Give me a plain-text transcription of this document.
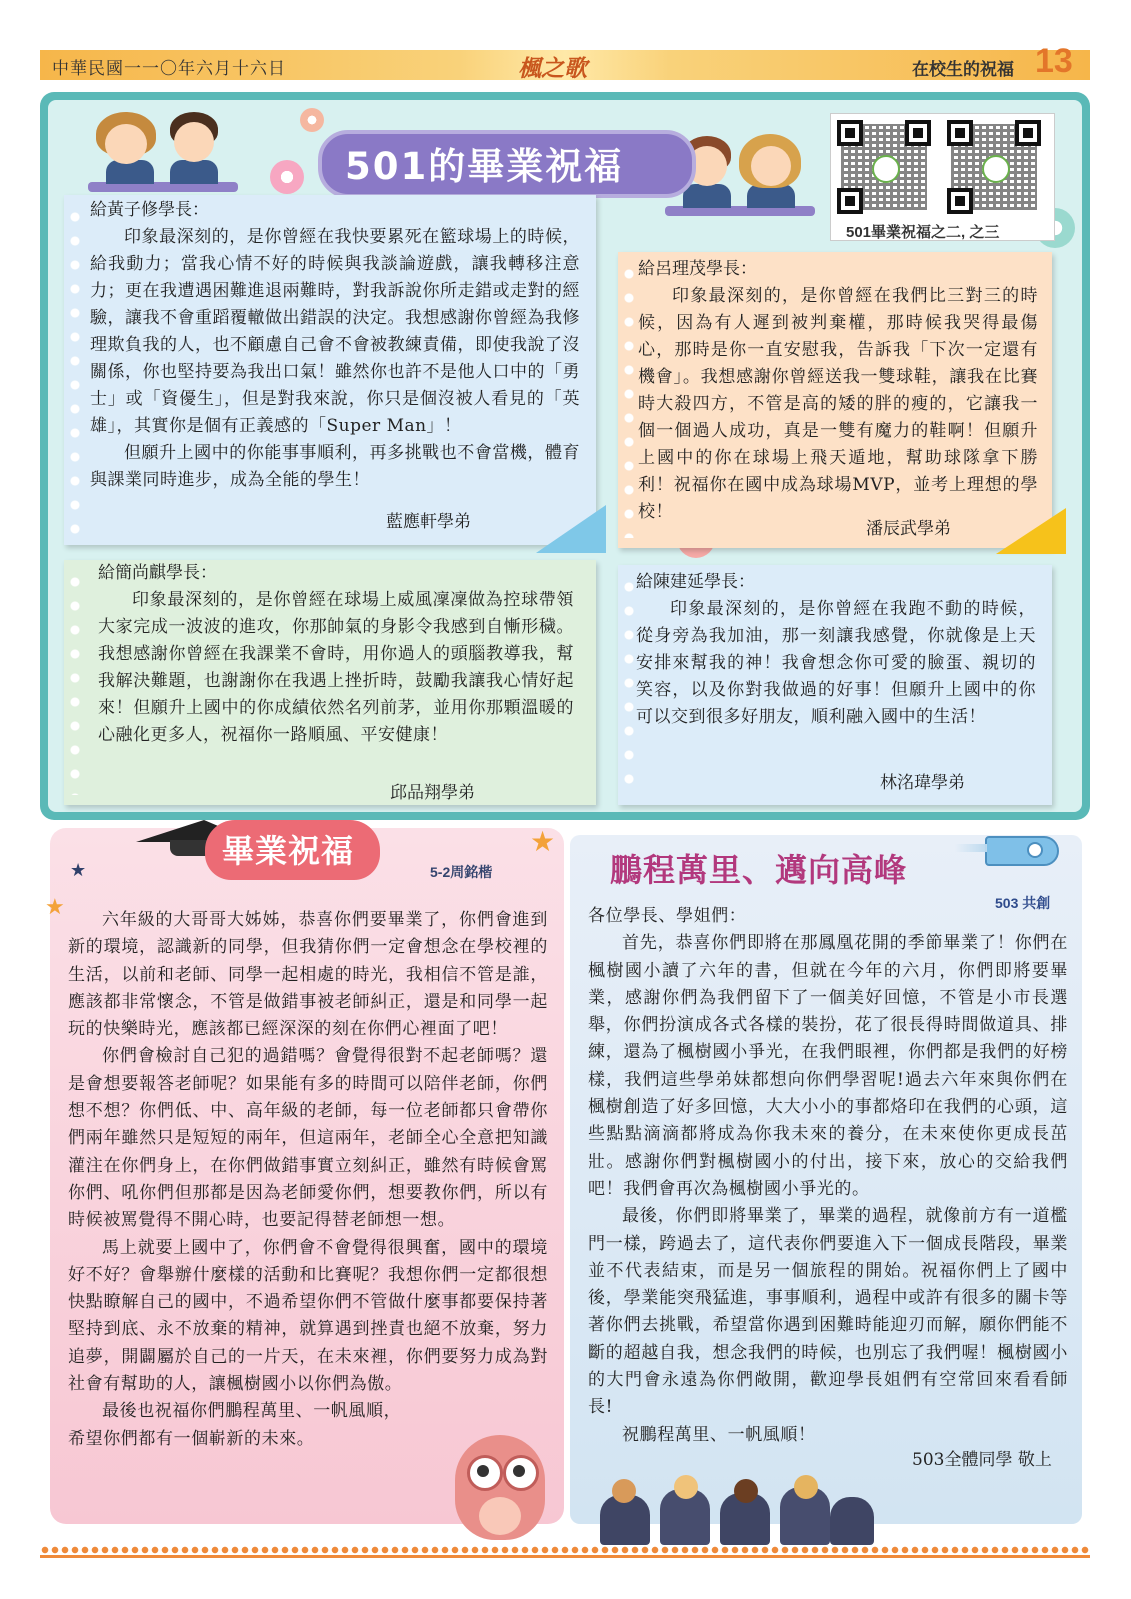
中華民國一一〇年六月十六日	楓之歌	在校生的祝福 13
501的畢業祝福
501畢業祝福之二, 之三
給黃子修學長：

印象最深刻的，是你曾經在我快要累死在籃球場上的時候，給我動力；當我心情不好的時候與我談論遊戲，讓我轉移注意力；更在我遭遇困難進退兩難時，對我訴說你所走錯或走對的經驗，讓我不會重蹈覆轍做出錯誤的決定。我想感謝你曾經為我修理欺負我的人，也不顧慮自己會不會被教練責備，即使我說了沒關係，你也堅持要為我出口氣！雖然你也許不是他人口中的「勇士」或「資優生」，但是對我來說，你只是個沒被人看見的「英雄」，其實你是個有正義感的「Super Man」！

但願升上國中的你能事事順利，再多挑戰也不會當機，體育與課業同時進步，成為全能的學生！

藍應軒學弟
給呂理茂學長：

印象最深刻的，是你曾經在我們比三對三的時候，因為有人遲到被判棄權，那時候我哭得最傷心，那時是你一直安慰我，告訴我「下次一定還有機會」。我想感謝你曾經送我一雙球鞋，讓我在比賽時大殺四方，不管是高的矮的胖的瘦的，它讓我一個一個過人成功，真是一雙有魔力的鞋啊！但願升上國中的你在球場上飛天遁地，幫助球隊拿下勝利！祝福你在國中成為球場MVP，並考上理想的學校！

潘辰武學弟
給簡尚麒學長：

印象最深刻的，是你曾經在球場上威風凜凜做為控球帶領大家完成一波波的進攻，你那帥氣的身影令我感到自慚形穢。我想感謝你曾經在我課業不會時，用你過人的頭腦教導我，幫我解決難題，也謝謝你在我遇上挫折時，鼓勵我讓我心情好起來！但願升上國中的你成績依然名列前茅，並用你那顆溫暖的心融化更多人，祝福你一路順風、平安健康！

邱品翔學弟
給陳建延學長：

印象最深刻的，是你曾經在我跑不動的時候，從身旁為我加油，那一刻讓我感覺，你就像是上天安排來幫我的神！我會想念你可愛的臉蛋、親切的笑容，以及你對我做過的好事！但願升上國中的你可以交到很多好朋友，順利融入國中的生活！

林洺瑋學弟
畢業祝福
5-2周銘楷
★
★
★	六年級的大哥哥大姊姊，恭喜你們要畢業了，你們會進到新的環境，認識新的同學，但我猜你們一定會想念在學校裡的生活，以前和老師、同學一起相處的時光，我相信不管是誰，應該都非常懷念，不管是做錯事被老師糾正，還是和同學一起玩的快樂時光，應該都已經深深的刻在你們心裡面了吧！

你們會檢討自己犯的過錯嗎？會覺得很對不起老師嗎？還是會想要報答老師呢？如果能有多的時間可以陪伴老師，你們想不想？你們低、中、高年級的老師，每一位老師都只會帶你們兩年雖然只是短短的兩年，但這兩年，老師全心全意把知識灌注在你們身上，在你們做錯事實立刻糾正，雖然有時候會罵你們、吼你們但那都是因為老師愛你們，想要教你們，所以有時候被罵覺得不開心時，也要記得替老師想一想。

馬上就要上國中了，你們會不會覺得很興奮，國中的環境好不好？會舉辦什麼樣的活動和比賽呢？我想你們一定都很想快點瞭解自己的國中，不過希望你們不管做什麼事都要保持著堅持到底、永不放棄的精神，就算遇到挫責也絕不放棄，努力追夢，開闢屬於自己的一片天，在未來裡，你們要努力成為對社會有幫助的人，讓楓樹國小以你們為傲。

最後也祝福你們鵬程萬里、一帆風順，

希望你們都有一個嶄新的未來。

鵬程萬里、邁向高峰
503 共創

各位學長、學姐們：

首先，恭喜你們即將在那鳳凰花開的季節畢業了！你們在楓樹國小讀了六年的書，但就在今年的六月，你們即將要畢業，感謝你們為我們留下了一個美好回憶，不管是小市長選舉，你們扮演成各式各樣的裝扮，花了很長得時間做道具、排練，還為了楓樹國小爭光，在我們眼裡，你們都是我們的好榜樣，我們這些學弟妹都想向你們學習呢!過去六年來與你們在楓樹創造了好多回憶，大大小小的事都烙印在我們的心頭，這些點點滴滴都將成為你我未來的養分，在未來使你更成長茁壯。感謝你們對楓樹國小的付出，接下來，放心的交給我們吧！我們會再次為楓樹國小爭光的。

最後，你們即將畢業了，畢業的過程，就像前方有一道檻門一樣，跨過去了，這代表你們要進入下一個成長階段，畢業並不代表結束，而是另一個旅程的開始。祝福你們上了國中後，學業能突飛猛進，事事順利，過程中或許有很多的關卡等著你們去挑戰，希望當你遇到困難時能迎刃而解，願你們能不斷的超越自我，想念我們的時候，也別忘了我們喔！楓樹國小的大門會永遠為你們敞開，歡迎學長姐們有空常回來看看師長!

祝鵬程萬里、一帆風順！

503全體同學 敬上
